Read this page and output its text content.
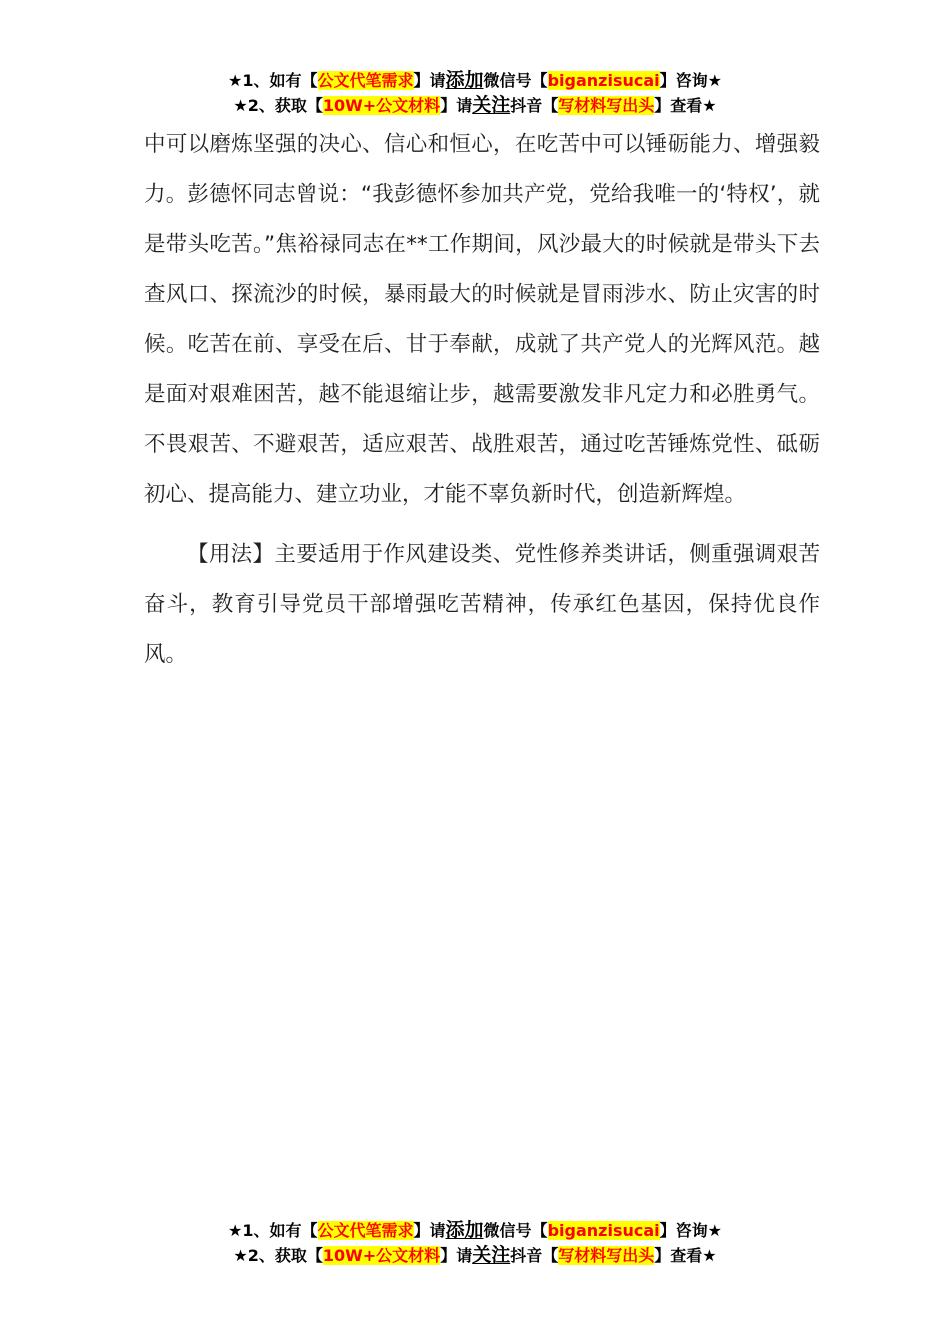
★1、如有【公文代笔需求】请添加微信号【biganzisucai】咨询★
★2、获取【10W+公文材料】请关注抖音【写材料写出头】查看★

中可以磨炼坚强的决心、信心和恒心，在吃苦中可以锤砺能力、增强毅力。彭德怀同志曾说：“我彭德怀参加共产党，党给我唯一的‘特权’，就是带头吃苦。”焦裕禄同志在**工作期间，风沙最大的时候就是带头下去查风口、探流沙的时候，暴雨最大的时候就是冒雨涉水、防止灾害的时候。吃苦在前、享受在后、甘于奉献，成就了共产党人的光辉风范。越是面对艰难困苦，越不能退缩让步，越需要激发非凡定力和必胜勇气。不畏艰苦、不避艰苦，适应艰苦、战胜艰苦，通过吃苦锤炼党性、砥砺初心、提高能力、建立功业，才能不辜负新时代，创造新辉煌。

【用法】主要适用于作风建设类、党性修养类讲话，侧重强调艰苦奋斗，教育引导党员干部增强吃苦精神，传承红色基因，保持优良作风。

★1、如有【公文代笔需求】请添加微信号【biganzisucai】咨询★
★2、获取【10W+公文材料】请关注抖音【写材料写出头】查看★
